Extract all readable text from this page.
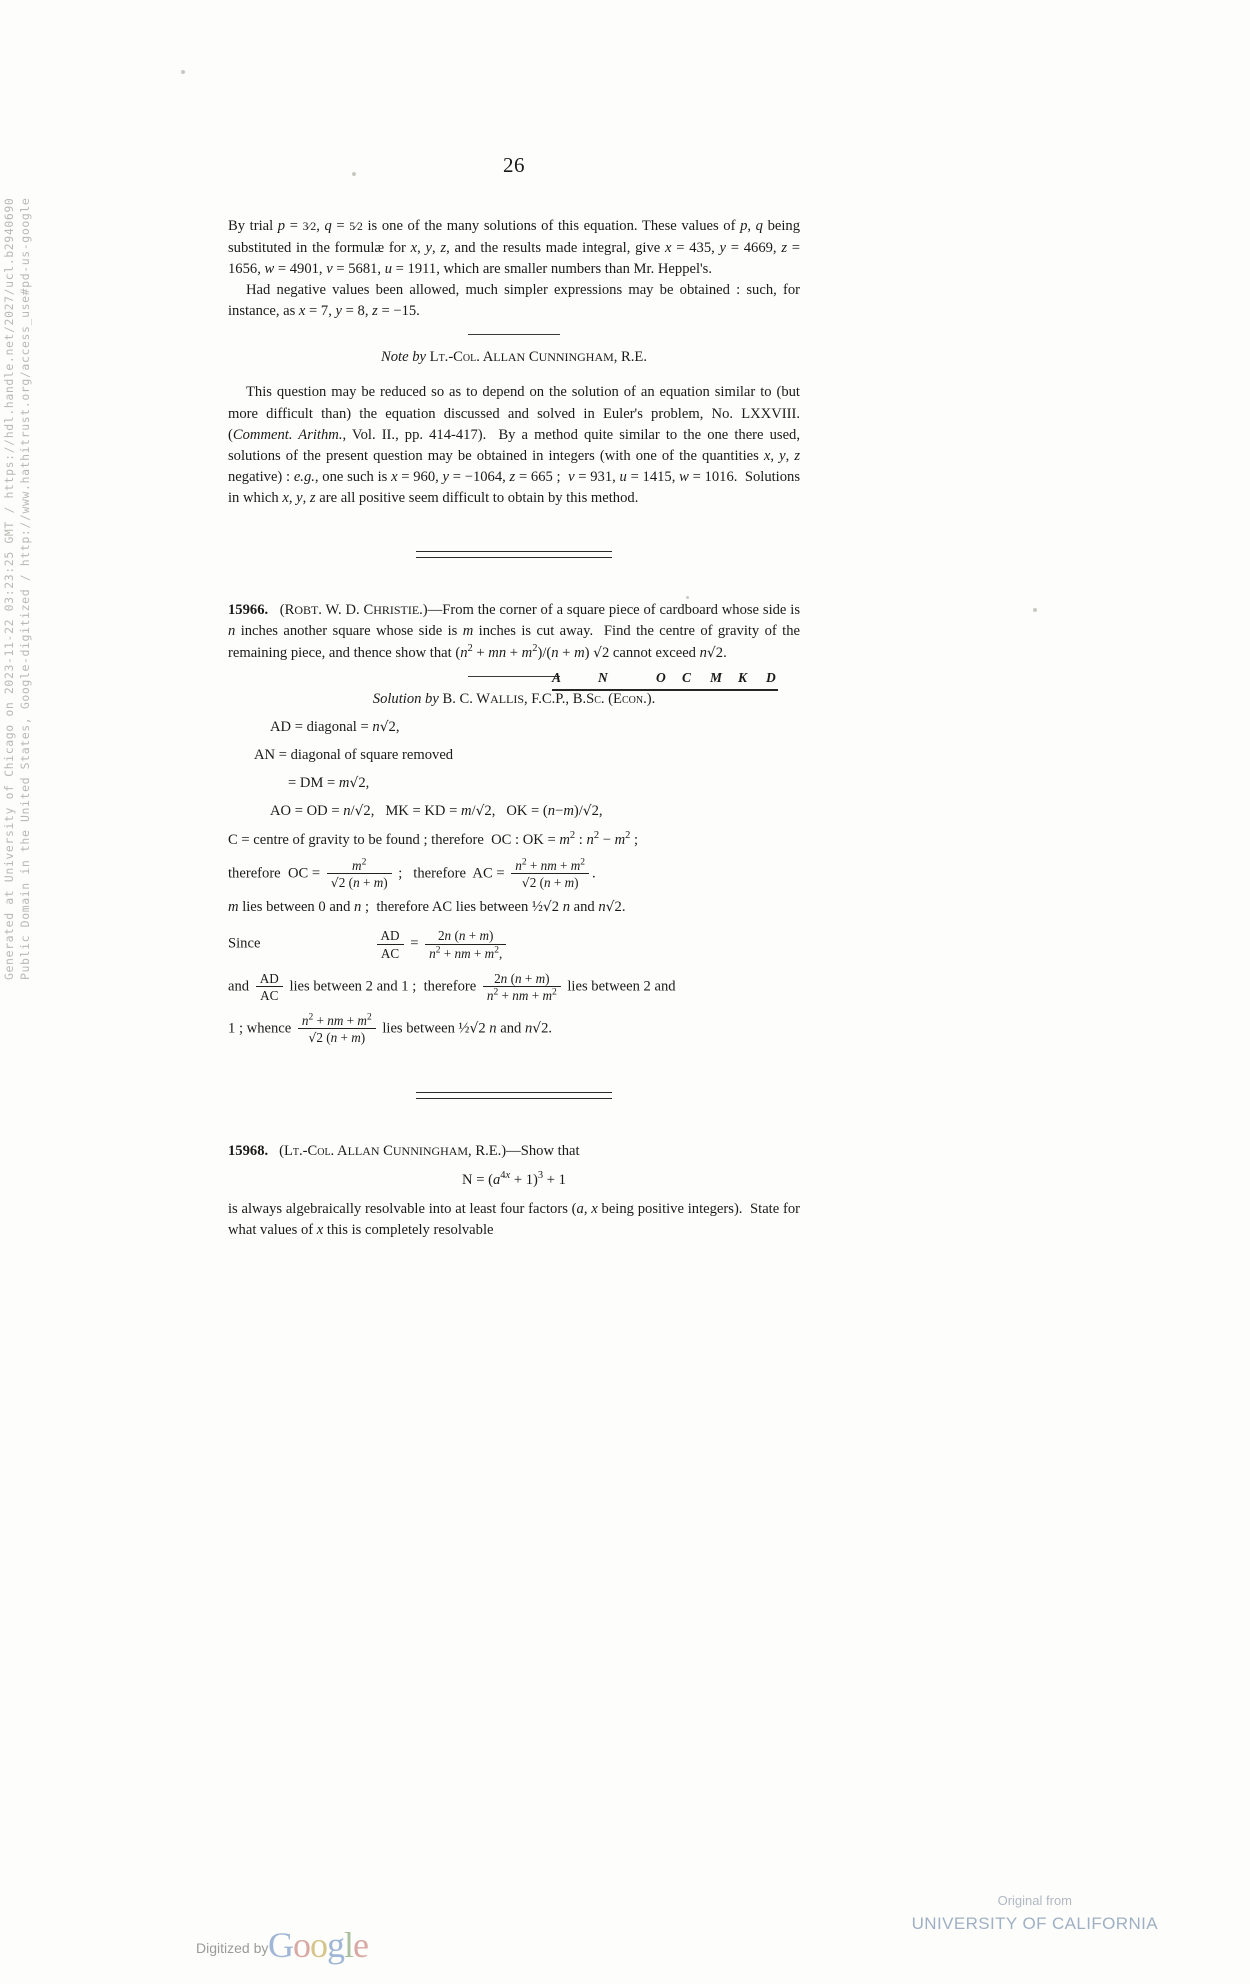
Generated at University of Chicago on 2023-11-22 03:23:25 GMT / https://hdl.handle.net/2027/ucl.b2940690 Public Domain in the United States, Google-digitized / http://www.hathitrust.org/access_use#pd-us-google
26

By trial p = 3⁄2, q = 5⁄2 is one of the many solutions of this equation. These values of p, q being substituted in the formulæ for x, y, z, and the results made integral, give x = 435, y = 4669, z = 1656, w = 4901, v = 5681, u = 1911, which are smaller numbers than Mr. Heppel's.

Had negative values been allowed, much simpler expressions may be obtained : such, for instance, as x = 7, y = 8, z = −15.

Note by Lt.-Col. ALLAN CUNNINGHAM, R.E.

This question may be reduced so as to depend on the solution of an equation similar to (but more difficult than) the equation discussed and solved in Euler's problem, No. LXXVIII. (Comment. Arithm., Vol. II., pp. 414-417).  By a method quite similar to the one there used, solutions of the present question may be obtained in integers (with one of the quantities x, y, z negative) : e.g., one such is x = 960, y = −1064, z = 665 ;  v = 931, u = 1415, w = 1016.  Solutions in which x, y, z are all positive seem difficult to obtain by this method.

15966. (ROBT. W. D. CHRISTIE.)—From the corner of a square piece of cardboard whose side is n inches another square whose side is m inches is cut away.  Find the centre of gravity of the remaining piece, and thence show that ($n^2$ + mn + $m^2)/(n + m)$ √2 cannot exceed n√2.

Solution by B. C. WALLIS, F.C.P., B.Sc. (Econ.).

AD = diagonal = n√2,
AN = diagonal of square removed
= DM = m√2,
AO = OD = n/√2,   MK = KD = m/√2,   OK = (n−m)/√2,
C = centre of gravity to be found ; therefore  OC : OK = $m^2$ : $n^2 - m^2$ ;
therefore  OC = $\frac{m^2}{√2 (n + m)}$ ;   therefore  AC = $\frac{n^2 + nm + m^2}{√2 (n + m)}$ .
m lies between 0 and n ;  therefore AC lies between ½√2 n and n√2.
Since $\frac{AD}{AC} = \frac{2n (n + m)}{n^2 + nm + m^2,}$
and $\frac{AD}{AC}$ lies between 2 and 1 ;  therefore $\frac{2n (n + m)}{n^2 + nm + m^2}$ lies between 2 and
1 ; whence $\frac{n^2 + nm + m^2}{√2 (n + m)}$ lies between ½√2 n and n√2.

15968. (Lt.-Col. ALLAN CUNNINGHAM, R.E.)—Show that

$N = (a^{4x} + 1)^3 + 1$

is always algebraically resolvable into at least four factors (a, x being positive integers).  State for what values of x this is completely resolvable

A	N	O C M K D
Digitized by Google
Original from
UNIVERSITY OF CALIFORNIA
